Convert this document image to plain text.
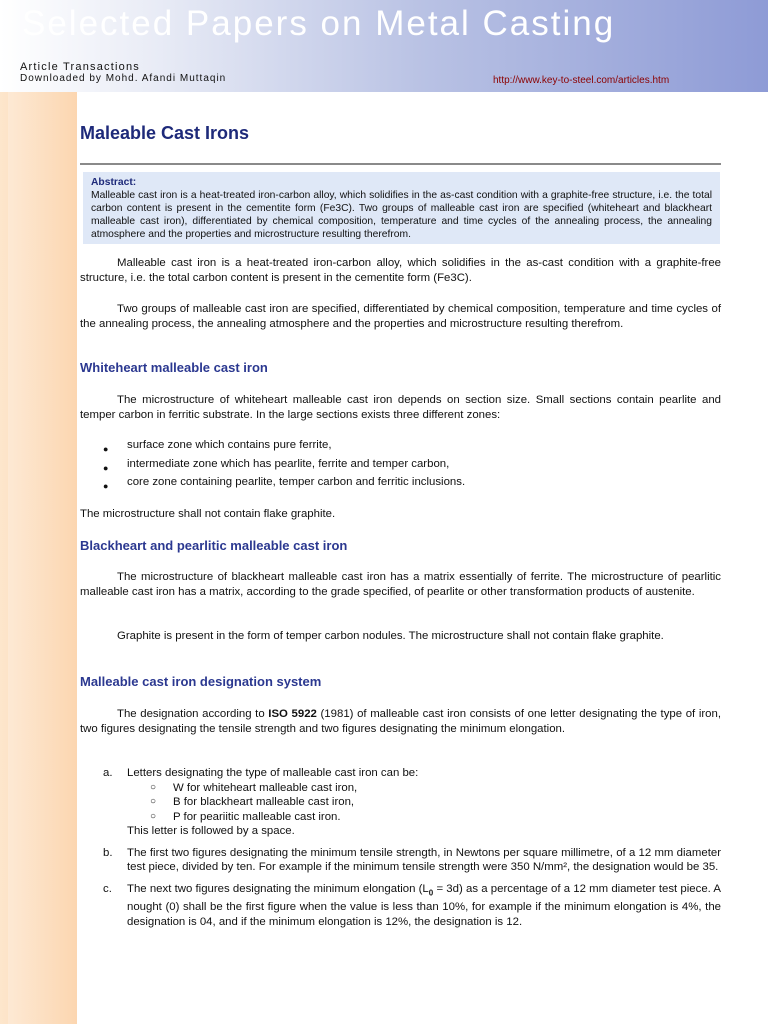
Selected Papers on Metal Casting
Article Transactions
Downloaded by Mohd. Afandi Muttaqin	http://www.key-to-steel.com/articles.htm
Maleable Cast Irons
Abstract:
Malleable cast iron is a heat-treated iron-carbon alloy, which solidifies in the as-cast condition with a graphite-free structure, i.e. the total carbon content is present in the cementite form (Fe3C). Two groups of malleable cast iron are specified (whiteheart and blackheart malleable cast iron), differentiated by chemical composition, temperature and time cycles of the annealing process, the annealing atmosphere and the properties and microstructure resulting therefrom.
Malleable cast iron is a heat-treated iron-carbon alloy, which solidifies in the as-cast condition with a graphite-free structure, i.e. the total carbon content is present in the cementite form (Fe3C).
Two groups of malleable cast iron are specified, differentiated by chemical composition, temperature and time cycles of the annealing process, the annealing atmosphere and the properties and microstructure resulting therefrom.
Whiteheart malleable cast iron
The microstructure of whiteheart malleable cast iron depends on section size. Small sections contain pearlite and temper carbon in ferritic substrate. In the large sections exists three different zones:
● surface zone which contains pure ferrite,
● intermediate zone which has pearlite, ferrite and temper carbon,
● core zone containing pearlite, temper carbon and ferritic inclusions.
The microstructure shall not contain flake graphite.
Blackheart and pearlitic malleable cast iron
The microstructure of blackheart malleable cast iron has a matrix essentially of ferrite. The microstructure of pearlitic malleable cast iron has a matrix, according to the grade specified, of pearlite or other transformation products of austenite.
Graphite is present in the form of temper carbon nodules. The microstructure shall not contain flake graphite.
Malleable cast iron designation system
The designation according to ISO 5922 (1981) of malleable cast iron consists of one letter designating the type of iron, two figures designating the tensile strength and two figures designating the minimum elongation.
a. Letters designating the type of malleable cast iron can be:
○ W for whiteheart malleable cast iron,
○ B for blackheart malleable cast iron,
○ P for peariitic malleable cast iron.
This letter is followed by a space.
b. The first two figures designating the minimum tensile strength, in Newtons per square millimetre, of a 12 mm diameter test piece, divided by ten. For example if the minimum tensile strength were 350 N/mm², the designation would be 35.
c. The next two figures designating the minimum elongation $(L_0 = 3d)$ as a percentage of a 12 mm diameter test piece. A nought (0) shall be the first figure when the value is less than 10%, for example if the minimum elongation is 4%, the designation is 04, and if the minimum elongation is 12%, the designation is 12.
